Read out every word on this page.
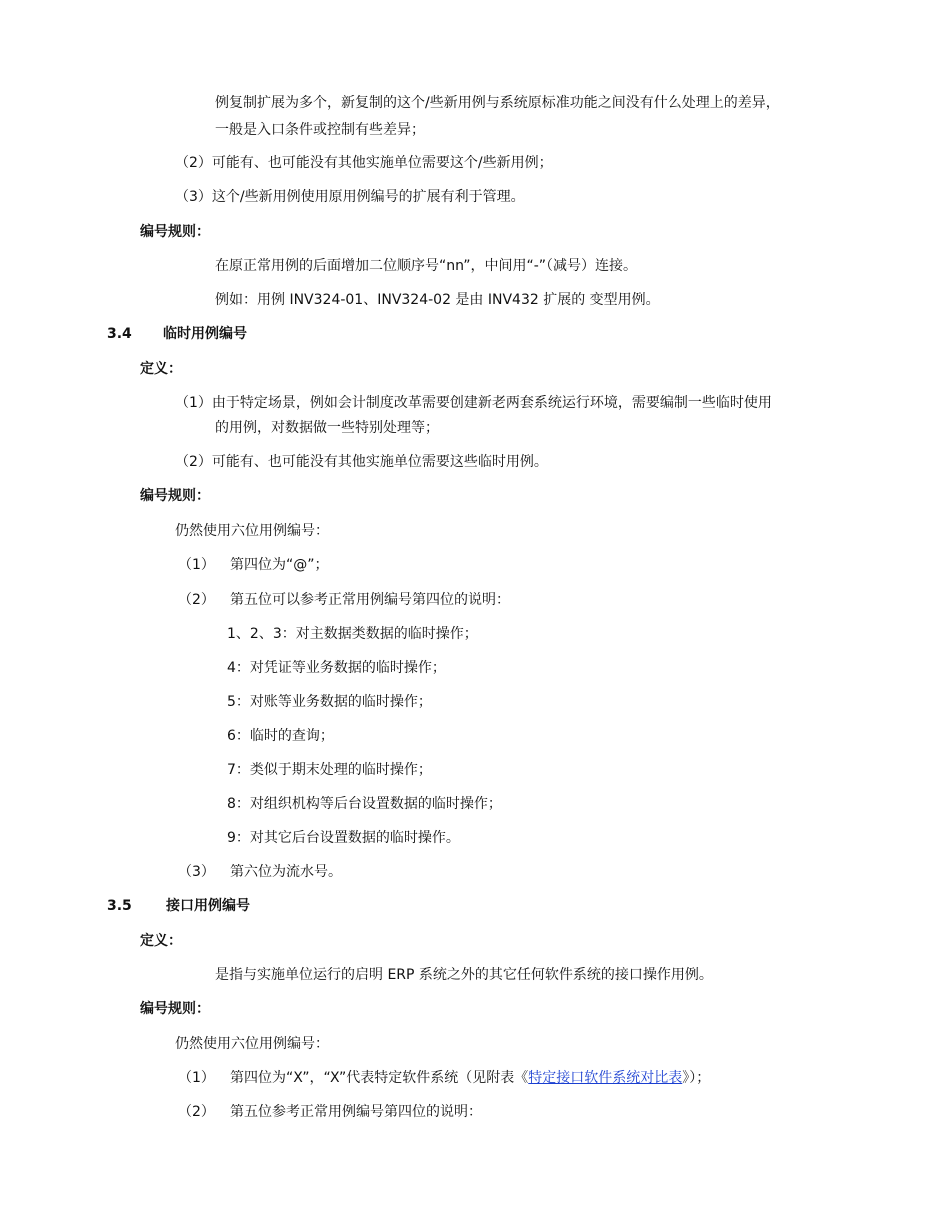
例复制扩展为多个，新复制的这个/些新用例与系统原标准功能之间没有什么处理上的差异，
一般是入口条件或控制有些差异；
（2）可能有、也可能没有其他实施单位需要这个/些新用例；
（3）这个/些新用例使用原用例编号的扩展有利于管理。
编号规则：
在原正常用例的后面增加二位顺序号“nn”，中间用“-”（减号）连接。
例如：用例 INV324-01、INV324-02 是由 INV432 扩展的 变型用例。
3.4 临时用例编号
定义：
（1）由于特定场景，例如会计制度改革需要创建新老两套系统运行环境，需要编制一些临时使用
的用例，对数据做一些特别处理等；
（2）可能有、也可能没有其他实施单位需要这些临时用例。
编号规则：
仍然使用六位用例编号：
（1） 第四位为“@”；
（2） 第五位可以参考正常用例编号第四位的说明：
1、2、3：对主数据类数据的临时操作；
4：对凭证等业务数据的临时操作；
5：对账等业务数据的临时操作；
6：临时的查询；
7：类似于期末处理的临时操作；
8：对组织机构等后台设置数据的临时操作；
9：对其它后台设置数据的临时操作。
（3） 第六位为流水号。
3.5 接口用例编号
定义：
是指与实施单位运行的启明 ERP 系统之外的其它任何软件系统的接口操作用例。
编号规则：
仍然使用六位用例编号：
（1） 第四位为“X”，“X”代表特定软件系统（见附表《特定接口软件系统对比表》）；
（2） 第五位参考正常用例编号第四位的说明：
